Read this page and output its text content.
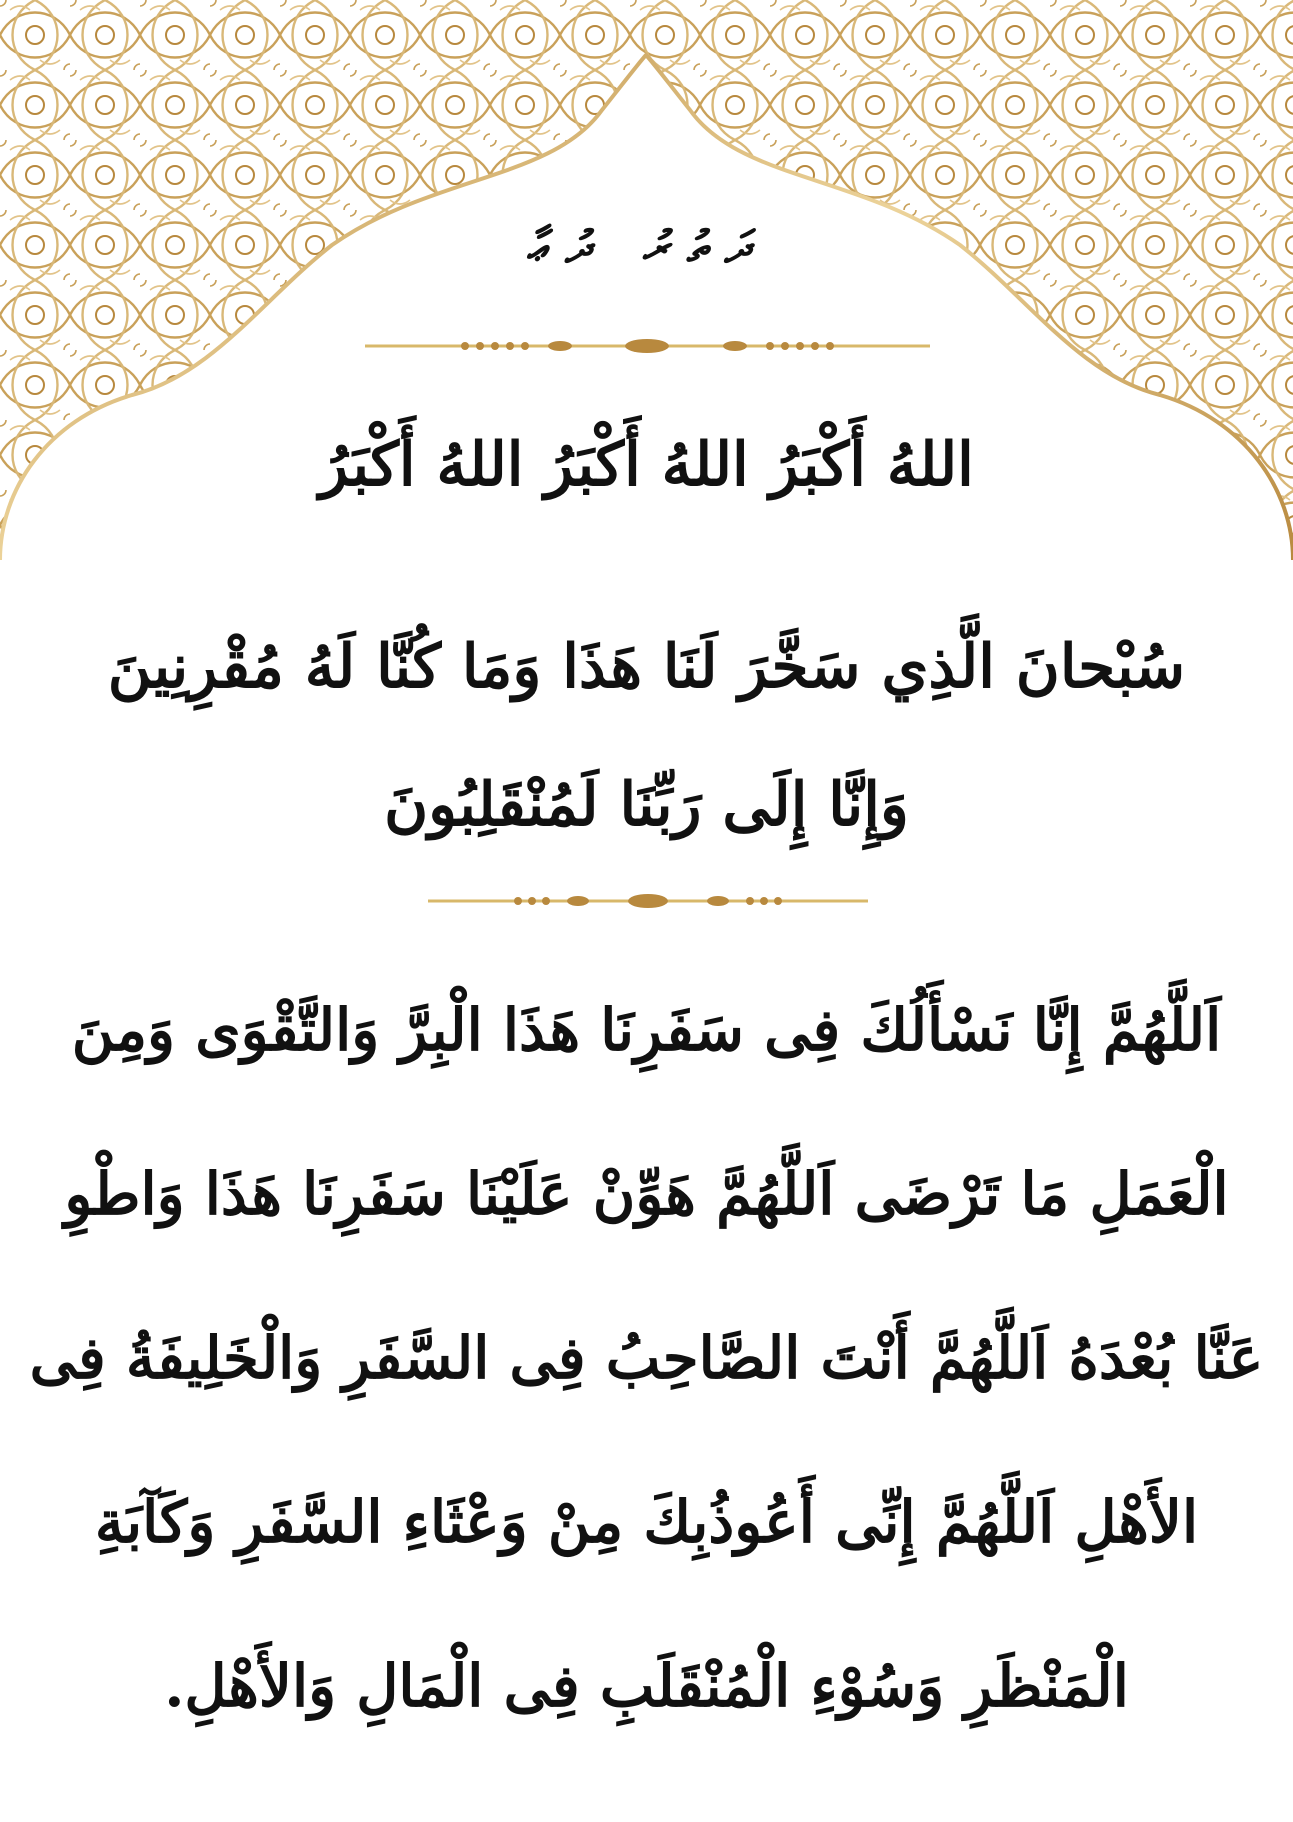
ދަތުރު ދުޢާ
اللهُ أَكْبَرُ اللهُ أَكْبَرُ اللهُ أَكْبَرُ
سُبْحانَ الَّذِي سَخَّرَ لَنَا هَذَا وَمَا كُنَّا لَهُ مُقْرِنِينَ
وَإِنَّا إِلَى رَبِّنَا لَمُنْقَلِبُونَ
اَللَّهُمَّ إِنَّا نَسْأَلُكَ فِى سَفَرِنَا هَذَا الْبِرَّ وَالتَّقْوَى وَمِنَ
الْعَمَلِ مَا تَرْضَى اَللَّهُمَّ هَوِّنْ عَلَيْنَا سَفَرِنَا هَذَا وَاطْوِ
عَنَّا بُعْدَهُ اَللَّهُمَّ أَنْتَ الصَّاحِبُ فِى السَّفَرِ وَالْخَلِيفَةُ فِى
الأَهْلِ اَللَّهُمَّ إِنِّى أَعُوذُبِكَ مِنْ وَعْثَاءِ السَّفَرِ وَكَآبَةِ
الْمَنْظَرِ وَسُوْءِ الْمُنْقَلَبِ فِى الْمَالِ وَالأَهْلِ.
